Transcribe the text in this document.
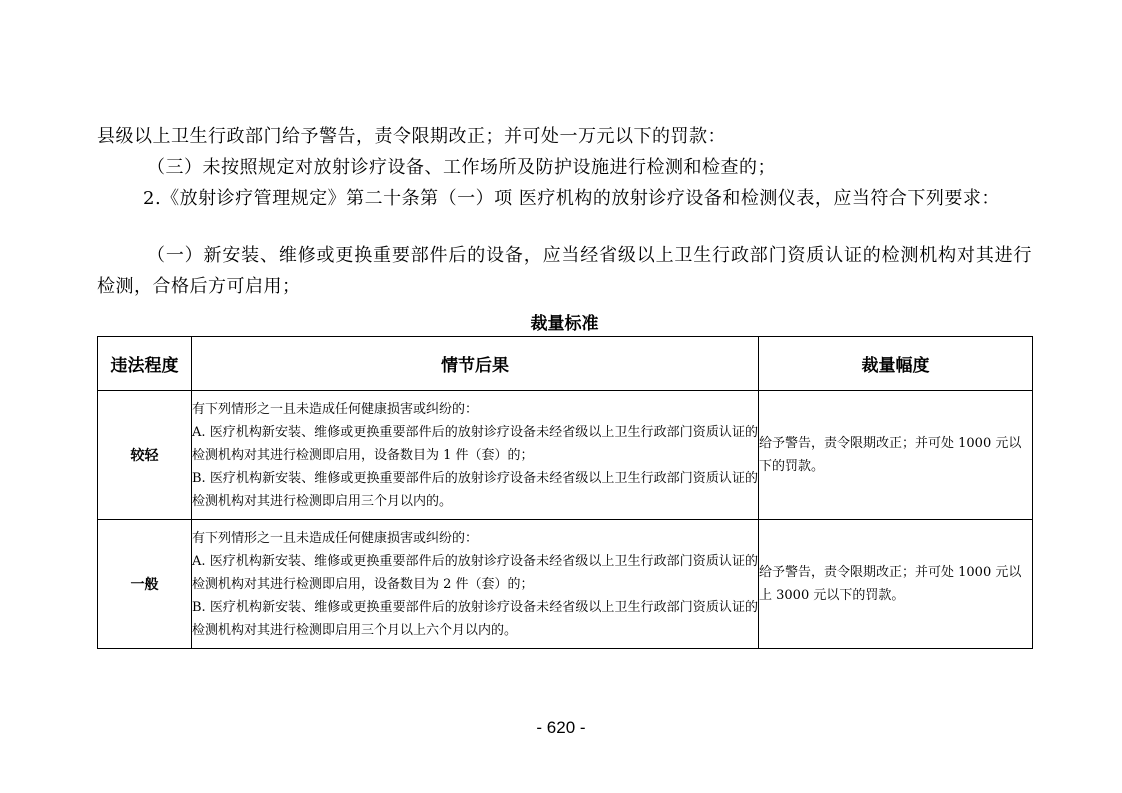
县级以上卫生行政部门给予警告，责令限期改正；并可处一万元以下的罚款：

（三）未按照规定对放射诊疗设备、工作场所及防护设施进行检测和检查的；

2.《放射诊疗管理规定》第二十条第（一）项 医疗机构的放射诊疗设备和检测仪表，应当符合下列要求：

（一）新安装、维修或更换重要部件后的设备，应当经省级以上卫生行政部门资质认证的检测机构对其进行检测，合格后方可启用；

裁量标准
违法程度	情节后果	裁量幅度
较轻	有下列情形之一且未造成任何健康损害或纠纷的：
A. 医疗机构新安装、维修或更换重要部件后的放射诊疗设备未经省级以上卫生行政部门资质认证的检测机构对其进行检测即启用，设备数目为 1 件（套）的；
B. 医疗机构新安装、维修或更换重要部件后的放射诊疗设备未经省级以上卫生行政部门资质认证的检测机构对其进行检测即启用三个月以内的。	给予警告，责令限期改正；并可处 1000 元以下的罚款。
一般	有下列情形之一且未造成任何健康损害或纠纷的：
A. 医疗机构新安装、维修或更换重要部件后的放射诊疗设备未经省级以上卫生行政部门资质认证的检测机构对其进行检测即启用，设备数目为 2 件（套）的；
B. 医疗机构新安装、维修或更换重要部件后的放射诊疗设备未经省级以上卫生行政部门资质认证的检测机构对其进行检测即启用三个月以上六个月以内的。	给予警告，责令限期改正；并可处 1000 元以上 3000 元以下的罚款。
- 620 -
